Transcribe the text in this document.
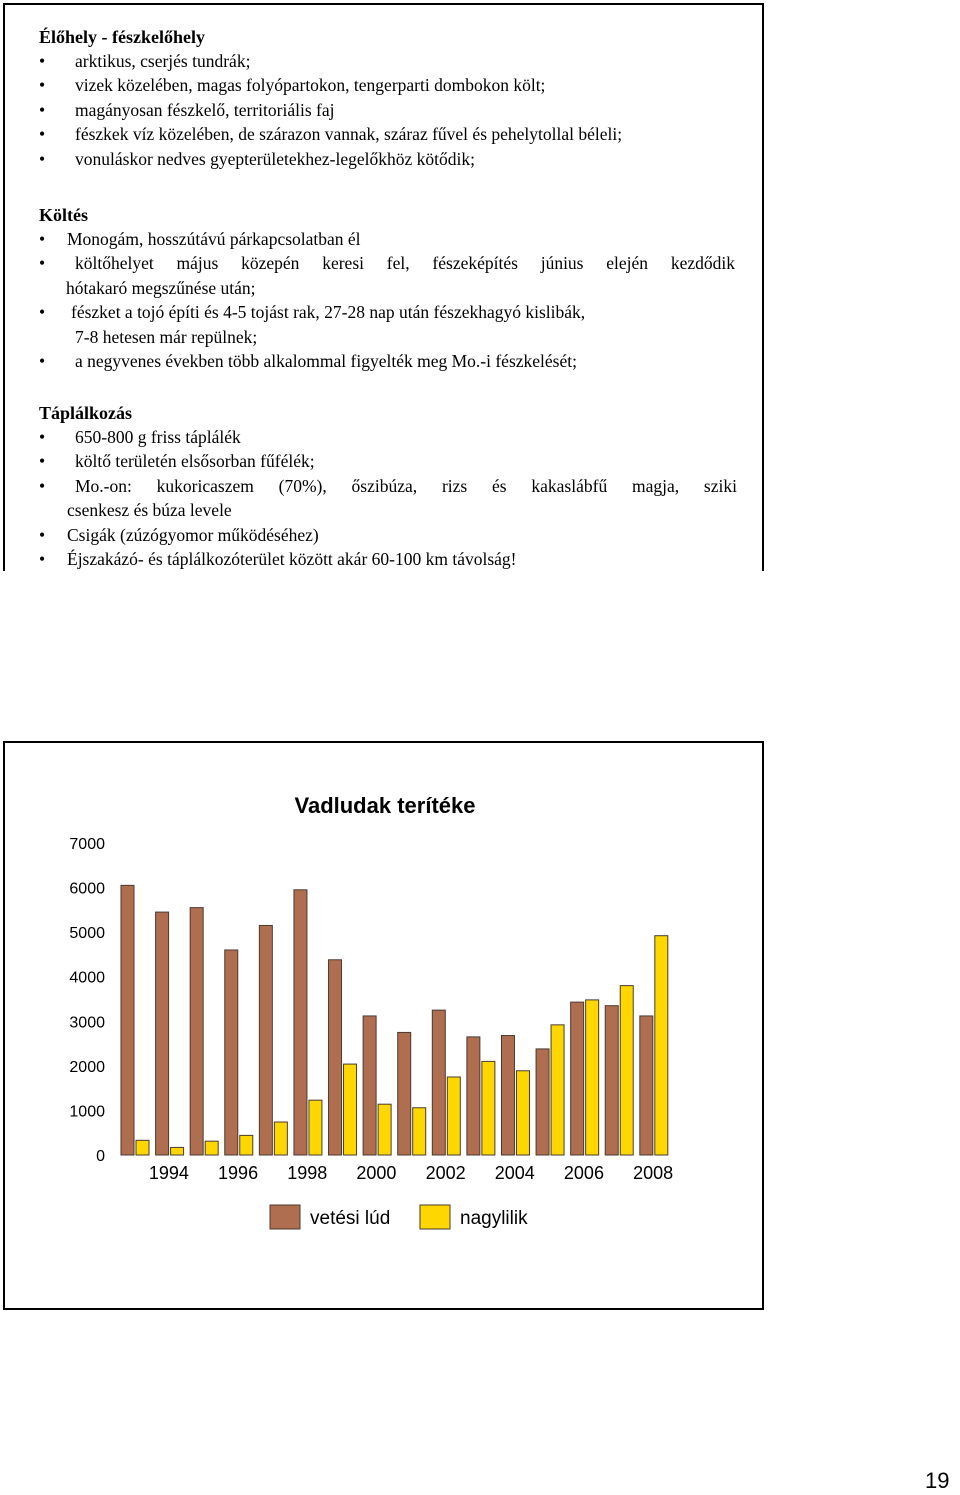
Élőhely - fészkelőhely

• arktikus, cserjés tundrák;
• vizek közelében, magas folyópartokon, tengerparti dombokon költ;
• magányosan fészkelő, territoriális faj
• fészkek víz közelében, de szárazon vannak, száraz fűvel és pehelytollal béleli;
• vonuláskor nedves gyepterületekhez-legelőkhöz kötődik;

Költés

• Monogám, hosszútávú párkapcsolatban él
• költőhelyet május közepén keresi fel, fészeképítés június elején kezdődik
hótakaró megszűnése után;
• fészket a tojó építi és 4-5 tojást rak, 27-28 nap után fészekhagyó kislibák,
7-8 hetesen már repülnek;
• a negyvenes években több alkalommal figyelték meg Mo.-i fészkelését;

Táplálkozás

• 650-800 g friss táplálék
• költő területén elsősorban fűfélék;
• Mo.-on: kukoricaszem (70%), őszibúza, rizs és kakaslábfű magja, sziki
csenkesz és búza levele
• Csigák (zúzógyomor működéséhez)
• Éjszakázó- és táplálkozóterület között akár 60-100 km távolság!
Vadludak terítéke
0
1000
2000
3000
4000
5000
6000
7000
1994 1996 1998 2000 2002 2004 2006 2008
vetési lúd	nagylilik
19
